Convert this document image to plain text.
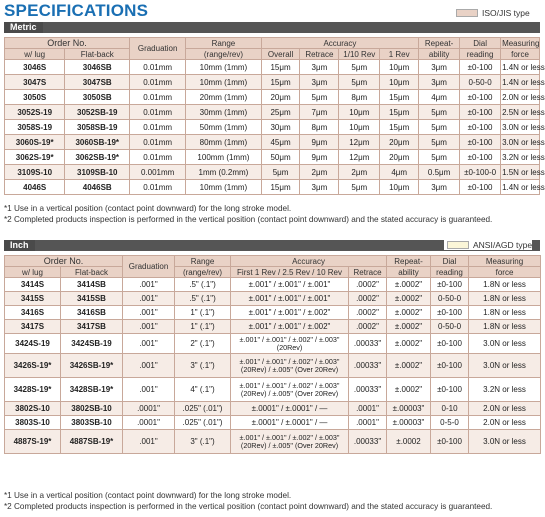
SPECIFICATIONS
Metric
ISO/JIS type
Order No.		Graduation	Range	Accuracy				Repeat-	Dial	Measuring
w/ lug	Flat-back		(range/rev)	Overall	Retrace	1/10 Rev	1 Rev	ability	reading	force
3046S	3046SB	0.01mm	10mm (1mm)	15μm	3μm	5μm	10μm	3μm	±0-100	1.4N or less
3047S	3047SB	0.01mm	10mm (1mm)	15μm	3μm	5μm	10μm	3μm	0-50-0	1.4N or less
3050S	3050SB	0.01mm	20mm (1mm)	20μm	5μm	8μm	15μm	4μm	±0-100	2.0N or less
3052S-19	3052SB-19	0.01mm	30mm (1mm)	25μm	7μm	10μm	15μm	5μm	±0-100	2.5N or less
3058S-19	3058SB-19	0.01mm	50mm (1mm)	30μm	8μm	10μm	15μm	5μm	±0-100	3.0N or less
3060S-19*	3060SB-19*	0.01mm	80mm (1mm)	45μm	9μm	12μm	20μm	5μm	±0-100	3.0N or less
3062S-19*	3062SB-19*	0.01mm	100mm (1mm)	50μm	9μm	12μm	20μm	5μm	±0-100	3.2N or less
3109S-10	3109SB-10	0.001mm	1mm (0.2mm)	5μm	2μm	2μm	4μm	0.5μm	±0-100-0	1.5N or less
4046S	4046SB	0.01mm	10mm (1mm)	15μm	3μm	5μm	10μm	3μm	±0-100	1.4N or less
*1 Use in a vertical position (contact point downward) for the long stroke model.
*2 Completed products inspection is performed in the vertical position (contact point downward) and the stated accuracy is guaranteed.
Inch	ANSI/AGD type
Order No.		Graduation	Range	Accuracy		Repeat-	Dial	Measuring
w/ lug	Flat-back		(range/rev)	First 1 Rev / 2.5 Rev / 10 Rev	Retrace	ability	reading	force
3414S	3414SB	.001"	.5" (.1")	±.001" / ±.001" / ±.001"	.0002"	±.0002"	±0-100	1.8N or less
3415S	3415SB	.001"	.5" (.1")	±.001" / ±.001" / ±.001"	.0002"	±.0002"	0-50-0	1.8N or less
3416S	3416SB	.001"	1" (.1")	±.001" / ±.001" / ±.002"	.0002"	±.0002"	±0-100	1.8N or less
3417S	3417SB	.001"	1" (.1")	±.001" / ±.001" / ±.002"	.0002"	±.0002"	0-50-0	1.8N or less
3424S-19	3424SB-19	.001"	2" (.1")	±.001" / ±.001" / ±.002" / ±.003" (20Rev)	.00033"	±.0002"	±0-100	3.0N or less
3426S-19*	3426SB-19*	.001"	3" (.1")	±.001" / ±.001" / ±.002" / ±.003" (20Rev) / ±.005" (Over 20Rev)	.00033"	±.0002"	±0-100	3.0N or less
3428S-19*	3428SB-19*	.001"	4" (.1")	±.001" / ±.001" / ±.002" / ±.003" (20Rev) / ±.005" (Over 20Rev)	.00033"	±.0002"	±0-100	3.2N or less
3802S-10	3802SB-10	.0001"	.025" (.01")	±.0001" / ±.0001" / —	.0001"	±.00003"	0-10	2.0N or less
3803S-10	3803SB-10	.0001"	.025" (.01")	±.0001" / ±.0001" / —	.0001"	±.00003"	0-5-0	2.0N or less
4887S-19*	4887SB-19*	.001"	3" (.1")	±.001" / ±.001" / ±.002" / ±.003" (20Rev) / ±.005" (Over 20Rev)	.00033"	±.0002	±0-100	3.0N or less
*1 Use in a vertical position (contact point downward) for the long stroke model.
*2 Completed products inspection is performed in the vertical position (contact point downward) and the stated accuracy is guaranteed.
